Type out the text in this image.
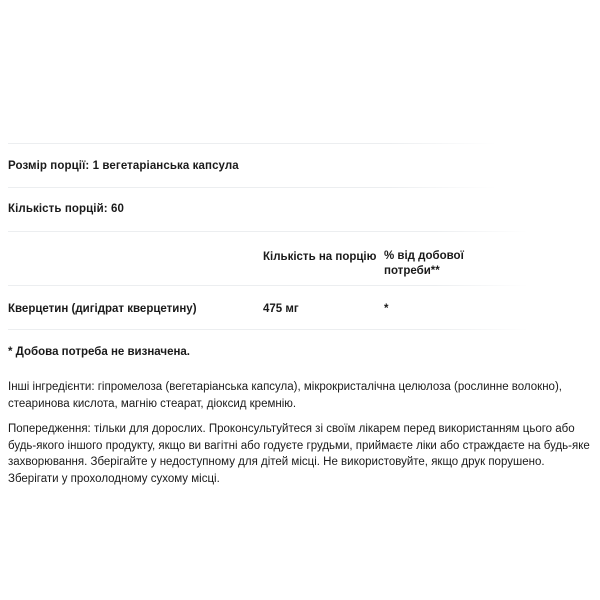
Розмір порції: 1 вегетаріанська капсула
Кількість порцій: 60
Кількість на порцію % від добової потреби**
Кверцетин (дигідрат кверцетину)	475 мг	*
* Добова потреба не визначена.
Інші інгредієнти: гіпромелоза (вегетаріанська капсула), мікрокристалічна целюлоза (рослинне волокно), стеаринова кислота, магнію стеарат, діоксид кремнію.
Попередження: тільки для дорослих. Проконсультуйтеся зі своїм лікарем перед використанням цього або будь‑якого іншого продукту, якщо ви вагітні або годуєте грудьми, приймаєте ліки або страждаєте на будь‑яке захворювання. Зберігайте у недоступному для дітей місці. Не використовуйте, якщо друк порушено. Зберігати у прохолодному сухому місці.
